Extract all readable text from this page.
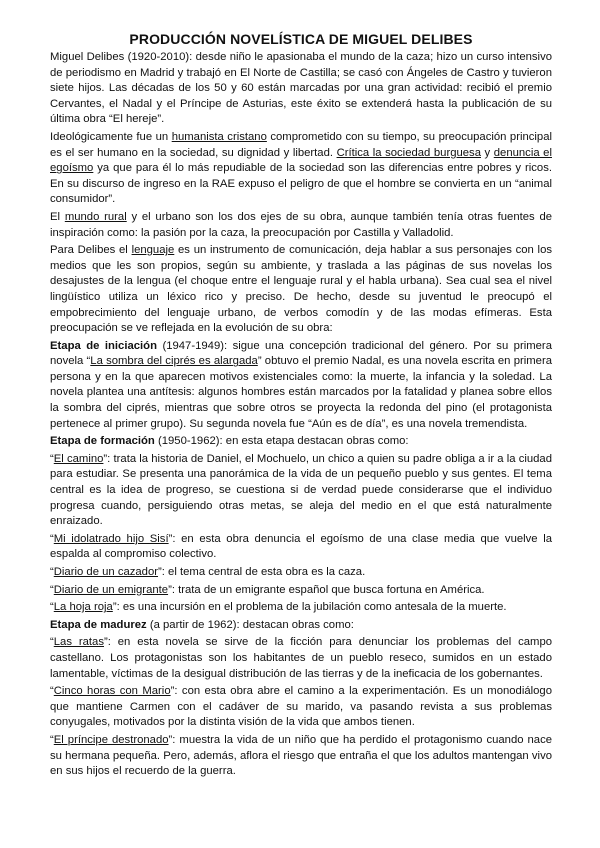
PRODUCCIÓN NOVELÍSTICA DE MIGUEL DELIBES

Miguel Delibes (1920-2010): desde niño le apasionaba el mundo de la caza; hizo un curso intensivo de periodismo en Madrid y trabajó en El Norte de Castilla; se casó con Ángeles de Castro y tuvieron siete hijos. Las décadas de los 50 y 60 están marcadas por una gran actividad: recibió el premio Cervantes, el Nadal y el Príncipe de Asturias, este éxito se extenderá hasta la publicación de su última obra “El hereje”.

Ideológicamente fue un humanista cristano comprometido con su tiempo, su preocupación principal es el ser humano en la sociedad, su dignidad y libertad. Crítica la sociedad burguesa y denuncia el egoísmo ya que para él lo más repudiable de la sociedad son las diferencias entre pobres y ricos. En su discurso de ingreso en la RAE expuso el peligro de que el hombre se convierta en un “animal consumidor”.

El mundo rural y el urbano son los dos ejes de su obra, aunque también tenía otras fuentes de inspiración como: la pasión por la caza, la preocupación por Castilla y Valladolid.

Para Delibes el lenguaje es un instrumento de comunicación, deja hablar a sus personajes con los medios que les son propios, según su ambiente, y traslada a las páginas de sus novelas los desajustes de la lengua (el choque entre el lenguaje rural y el habla urbana). Sea cual sea el nivel lingüístico utiliza un léxico rico y preciso. De hecho, desde su juventud le preocupó el empobrecimiento del lenguaje urbano, de verbos comodín y de las modas efímeras. Esta preocupación se ve reflejada en la evolución de su obra:

Etapa de iniciación (1947-1949): sigue una concepción tradicional del género. Por su primera novela “La sombra del ciprés es alargada” obtuvo el premio Nadal, es una novela escrita en primera persona y en la que aparecen motivos existenciales como: la muerte, la infancia y la soledad. La novela plantea una antítesis: algunos hombres están marcados por la fatalidad y planea sobre ellos la sombra del ciprés, mientras que sobre otros se proyecta la redonda del pino (el protagonista pertenece al primer grupo). Su segunda novela fue “Aún es de día”, es una novela tremendista.

Etapa de formación (1950-1962): en esta etapa destacan obras como:

“El camino”: trata la historia de Daniel, el Mochuelo, un chico a quien su padre obliga a ir a la ciudad para estudiar. Se presenta una panorámica de la vida de un pequeño pueblo y sus gentes. El tema central es la idea de progreso, se cuestiona si de verdad puede considerarse que el individuo progresa cuando, persiguiendo otras metas, se aleja del medio en el que está naturalmente enraizado.

“Mi idolatrado hijo Sisí”: en esta obra denuncia el egoísmo de una clase media que vuelve la espalda al compromiso colectivo.

“Diario de un cazador”: el tema central de esta obra es la caza.

“Diario de un emigrante”: trata de un emigrante español que busca fortuna en América.

“La hoja roja”: es una incursión en el problema de la jubilación como antesala de la muerte.

Etapa de madurez (a partir de 1962): destacan obras como:

“Las ratas”: en esta novela se sirve de la ficción para denunciar los problemas del campo castellano. Los protagonistas son los habitantes de un pueblo reseco, sumidos en un estado lamentable, víctimas de la desigual distribución de las tierras y de la ineficacia de los gobernantes.

“Cinco horas con Mario”: con esta obra abre el camino a la experimentación. Es un monodiálogo que mantiene Carmen con el cadáver de su marido, va pasando revista a sus problemas conyugales, motivados por la distinta visión de la vida que ambos tienen.

“El príncipe destronado”: muestra la vida de un niño que ha perdido el protagonismo cuando nace su hermana pequeña. Pero, además, aflora el riesgo que entraña el que los adultos mantengan vivo en sus hijos el recuerdo de la guerra.
